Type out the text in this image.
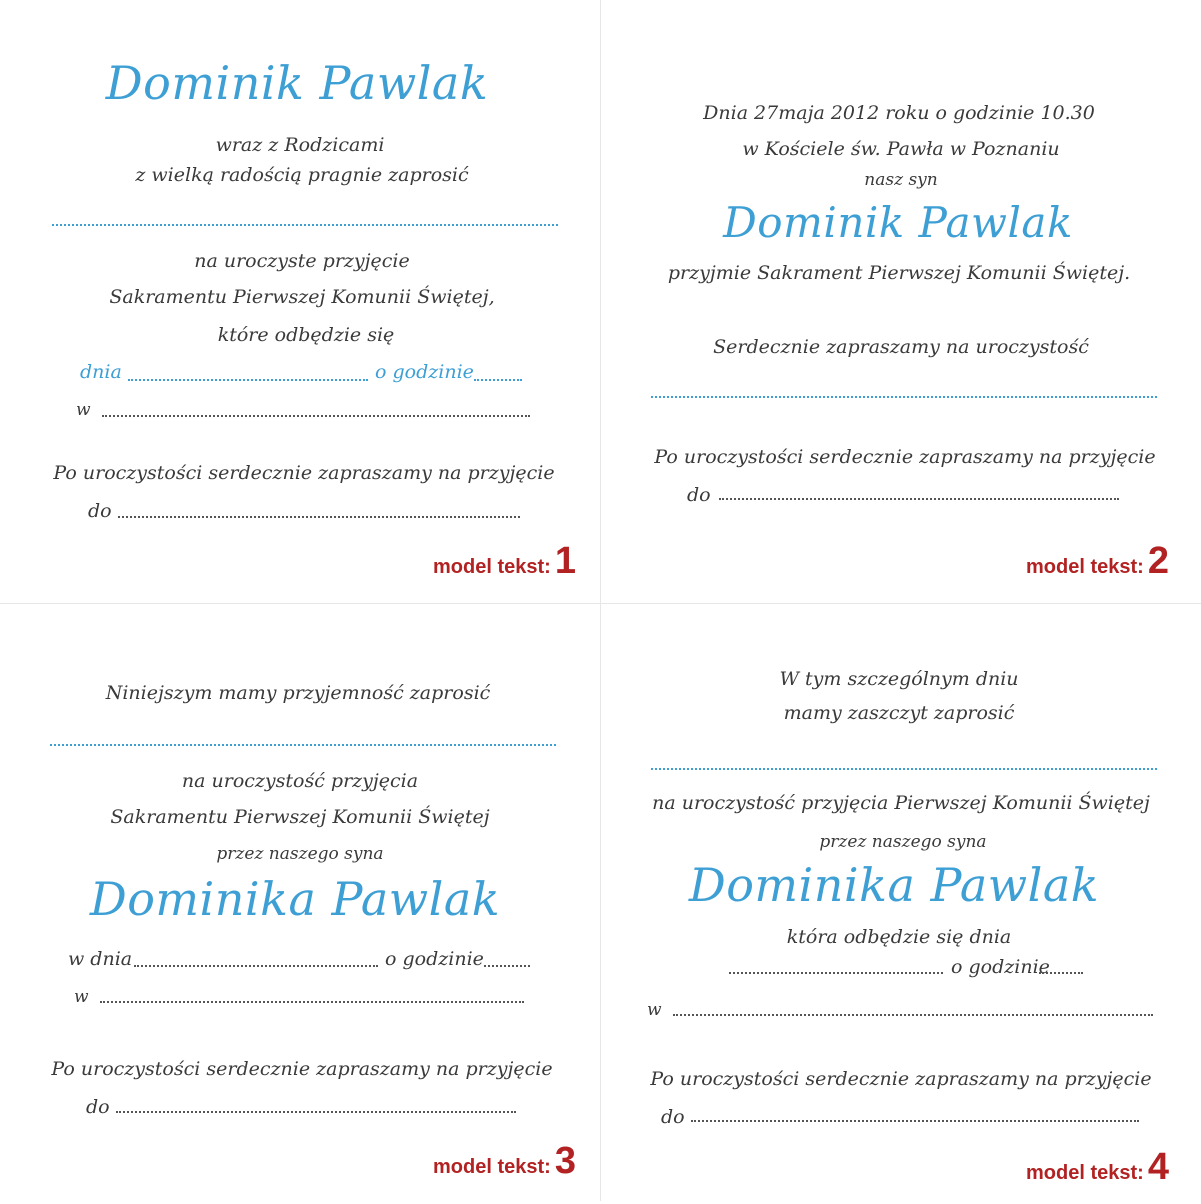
Dominik Pawlak
wraz z Rodzicami
z wielką radością pragnie zaprosić
na uroczyste przyjęcie
Sakramentu Pierwszej Komunii Świętej,
które odbędzie się
dnia	o godzinie
w
Po uroczystości serdecznie zapraszamy na przyjęcie
do
model tekst: 1
Dnia 27maja 2012 roku o godzinie 10.30
w Kościele św. Pawła w Poznaniu
nasz syn
Dominik Pawlak
przyjmie Sakrament Pierwszej Komunii Świętej.
Serdecznie zapraszamy na uroczystość
Po uroczystości serdecznie zapraszamy na przyjęcie
do
model tekst: 2
Niniejszym mamy przyjemność zaprosić
na uroczystość przyjęcia
Sakramentu Pierwszej Komunii Świętej
przez naszego syna
Dominika Pawlak
w dnia	o godzinie
w
Po uroczystości serdecznie zapraszamy na przyjęcie
do
model tekst: 3
W tym szczególnym dniu
mamy zaszczyt zaprosić
na uroczystość przyjęcia Pierwszej Komunii Świętej
przez naszego syna
Dominika Pawlak
która odbędzie się dnia
o godzinie
w
Po uroczystości serdecznie zapraszamy na przyjęcie
do
model tekst: 4
